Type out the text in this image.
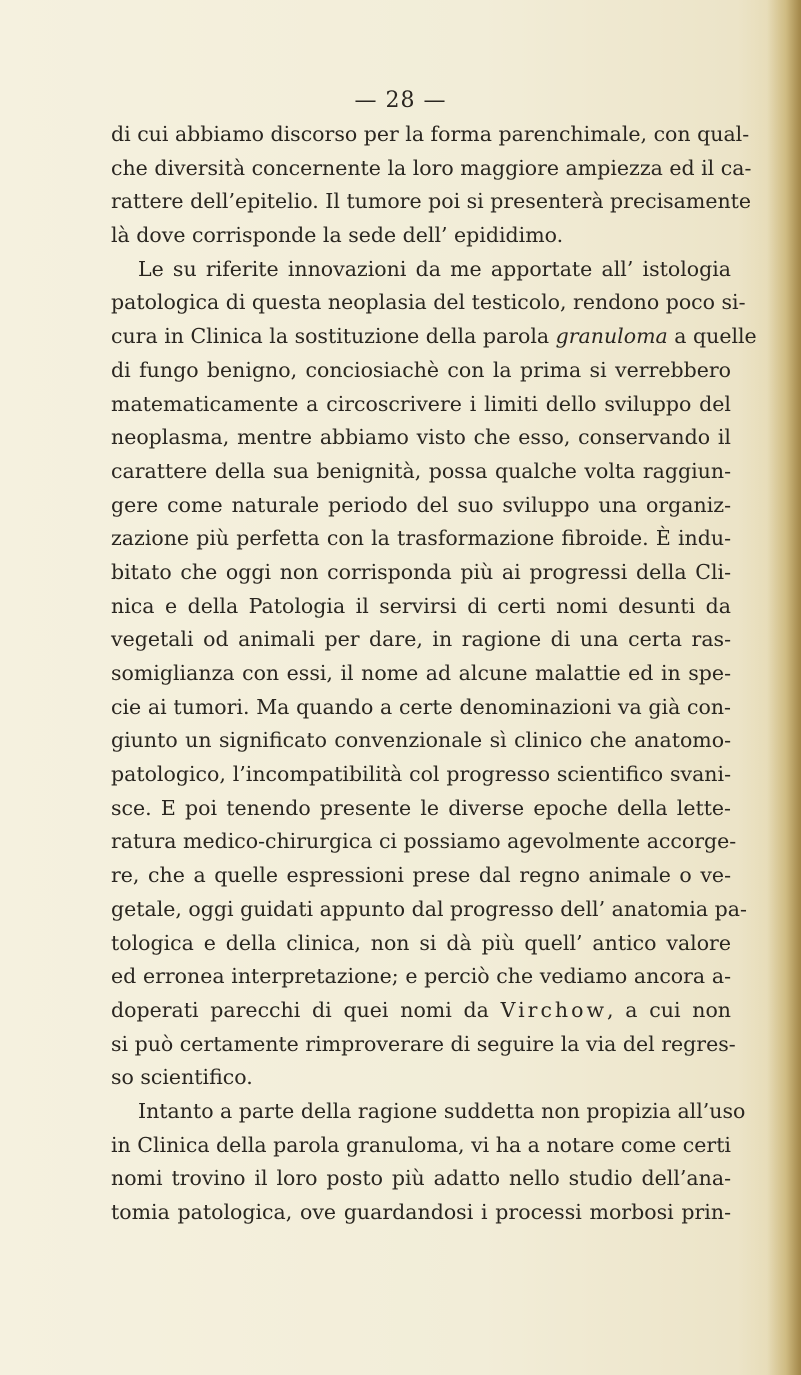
— 28 —
di cui abbiamo discorso per la forma parenchimale, con qual-
che diversità concernente la loro maggiore ampiezza ed il ca-
rattere dell’epitelio. Il tumore poi si presenterà precisamente
là dove corrisponde la sede dell’ epididimo.
Le su riferite innovazioni da me apportate all’ istologia
patologica di questa neoplasia del testicolo, rendono poco si-
cura in Clinica la sostituzione della parola granuloma a quelle
di fungo benigno, conciosiachè con la prima si verrebbero
matematicamente a circoscrivere i limiti dello sviluppo del
neoplasma, mentre abbiamo visto che esso, conservando il
carattere della sua benignità, possa qualche volta raggiun-
gere come naturale periodo del suo sviluppo una organiz-
zazione più perfetta con la trasformazione fibroide. È indu-
bitato che oggi non corrisponda più ai progressi della Cli-
nica e della Patologia il servirsi di certi nomi desunti da
vegetali od animali per dare, in ragione di una certa ras-
somiglianza con essi, il nome ad alcune malattie ed in spe-
cie ai tumori. Ma quando a certe denominazioni va già con-
giunto un significato convenzionale sì clinico che anatomo-
patologico, l’incompatibilità col progresso scientifico svani-
sce. E poi tenendo presente le diverse epoche della lette-
ratura medico-chirurgica ci possiamo agevolmente accorge-
re, che a quelle espressioni prese dal regno animale o ve-
getale, oggi guidati appunto dal progresso dell’ anatomia pa-
tologica e della clinica, non si dà più quell’ antico valore
ed erronea interpretazione; e perciò che vediamo ancora a-
doperati parecchi di quei nomi da Virchow, a cui non
si può certamente rimproverare di seguire la via del regres-
so scientifico.
Intanto a parte della ragione suddetta non propizia all’uso
in Clinica della parola granuloma, vi ha a notare come certi
nomi trovino il loro posto più adatto nello studio dell’ana-
tomia patologica, ove guardandosi i processi morbosi prin-
